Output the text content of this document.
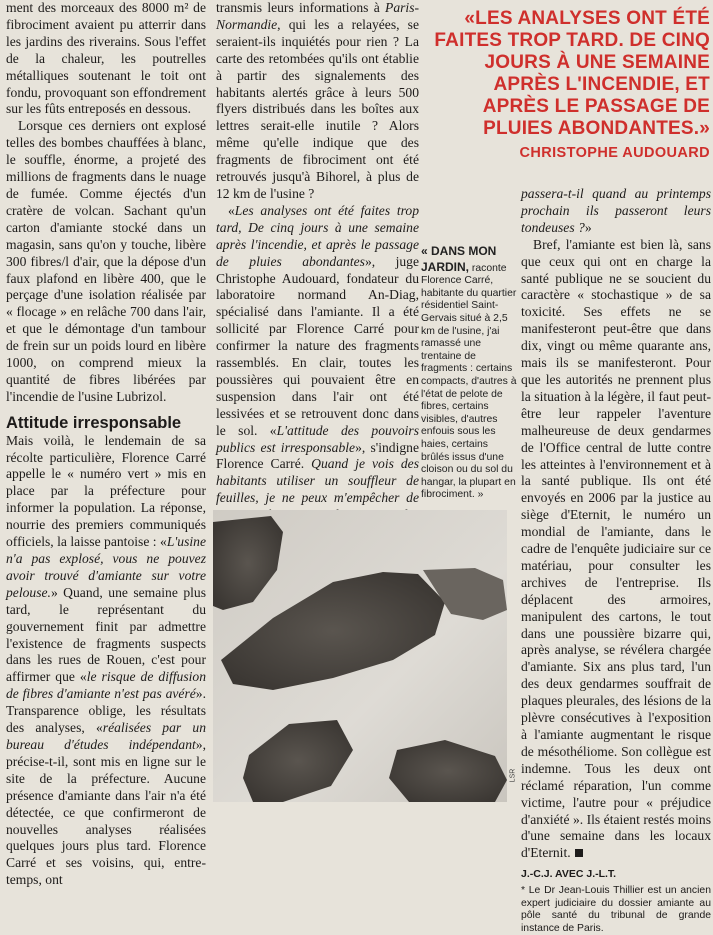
ment des morceaux des 8000 m² de fibrociment avaient pu atterrir dans les jardins des riverains. Sous l'effet de la chaleur, les poutrelles métalliques soutenant le toit ont fondu, provoquant son effondrement sur les fûts entreposés en dessous.

Lorsque ces derniers ont explosé telles des bombes chauffées à blanc, le souffle, énorme, a projeté des millions de fragments dans le nuage de fumée. Comme éjectés d'un cratère de volcan. Sachant qu'un carton d'amiante stocké dans un magasin, sans qu'on y touche, libère 300 fibres/l d'air, que la dépose d'un faux plafond en libère 400, que le perçage d'une isolation réalisée par « flocage » en relâche 700 dans l'air, et que le démontage d'un tambour de frein sur un poids lourd en libère 1000, on comprend mieux la quantité de fibres libérées par l'incendie de l'usine Lubrizol.

Attitude irresponsable

Mais voilà, le lendemain de sa récolte particulière, Florence Carré appelle le « numéro vert » mis en place par la préfecture pour informer la population. La réponse, nourrie des premiers communiqués officiels, la laisse pantoise : «L'usine n'a pas explosé, vous ne pouvez avoir trouvé d'amiante sur votre pelouse.» Quand, une semaine plus tard, le représentant du gouvernement finit par admettre l'existence de fragments suspects dans les rues de Rouen, c'est pour affirmer que «le risque de diffusion de fibres d'amiante n'est pas avéré». Transparence oblige, les résultats des analyses, «réalisées par un bureau d'études indépendant», précise-t-il, sont mis en ligne sur le site de la préfecture. Aucune présence d'amiante dans l'air n'a été détectée, ce que confirmeront de nouvelles analyses réalisées quelques jours plus tard. Florence Carré et ses voisins, qui, entre-temps, ont

transmis leurs informations à Paris-Normandie, qui les a relayées, se seraient-ils inquiétés pour rien ? La carte des retombées qu'ils ont établie à partir des signalements des habitants alertés grâce à leurs 500 flyers distribués dans les boîtes aux lettres serait-elle inutile ? Alors même qu'elle indique que des fragments de fibrociment ont été retrouvés jusqu'à Bihorel, à plus de 12 km de l'usine ?

«Les analyses ont été faites trop tard, De cinq jours à une semaine après l'incendie, et après le passage de pluies abondantes», juge Christophe Audouard, fondateur du laboratoire normand An-Diag, spécialisé dans l'amiante. Il a été sollicité par Florence Carré pour confirmer la nature des fragments rassemblés. En clair, toutes les poussières qui pouvaient être en suspension dans l'air ont été lessivées et se retrouvent donc dans le sol. «L'attitude des pouvoirs publics est irresponsable», s'indigne Florence Carré. Quand je vois des habitants utiliser un souffleur de feuilles, je ne peux m'empêcher de

«LES ANALYSES ONT ÉTÉ FAITES TROP TARD. DE CINQ JOURS À UNE SEMAINE APRÈS L'INCENDIE, ET APRÈS LE PASSAGE DE PLUIES ABONDANTES.»
CHRISTOPHE AUDOUARD
« DANS MON JARDIN, raconte Florence Carré, habitante du quartier résidentiel Saint-Gervais situé à 2,5 km de l'usine, j'ai ramassé une trentaine de fragments : certains compacts, d'autres à l'état de pelote de fibres, certains visibles, d'autres enfouis sous les haies, certains brûlés issus d'une cloison ou du sol du hangar, la plupart en fibrociment. »
LSR

passera-t-il quand au printemps prochain ils passeront leurs tondeuses ?»

Bref, l'amiante est bien là, sans que ceux qui ont en charge la santé publique ne se soucient du caractère « stochastique » de sa toxicité. Ses effets ne se manifesteront peut-être que dans dix, vingt ou même quarante ans, mais ils se manifesteront. Pour que les autorités ne prennent plus la situation à la légère, il faut peut-être leur rappeler l'aventure malheureuse de deux gendarmes de l'Office central de lutte contre les atteintes à l'environnement et à la santé publique. Ils ont été envoyés en 2006 par la justice au siège d'Eternit, le numéro un mondial de l'amiante, dans le cadre de l'enquête judiciaire sur ce matériau, pour consulter les archives de l'entreprise. Ils déplacent des armoires, manipulent des cartons, le tout dans une poussière bizarre qui, après analyse, se révélera chargée d'amiante. Six ans plus tard, l'un des deux gendarmes souffrait de plaques pleurales, des lésions de la plèvre consécutives à l'exposition à l'amiante augmentant le risque de mésothéliome. Son collègue est indemne. Tous les deux ont réclamé réparation, l'un comme victime, l'autre pour « préjudice d'anxiété ». Ils étaient restés moins d'une semaine dans les locaux d'Eternit.

J.-C.J. AVEC J.-L.T.
* Le Dr Jean-Louis Thillier est un ancien expert judiciaire du dossier amiante au pôle santé du tribunal de grande instance de Paris.
